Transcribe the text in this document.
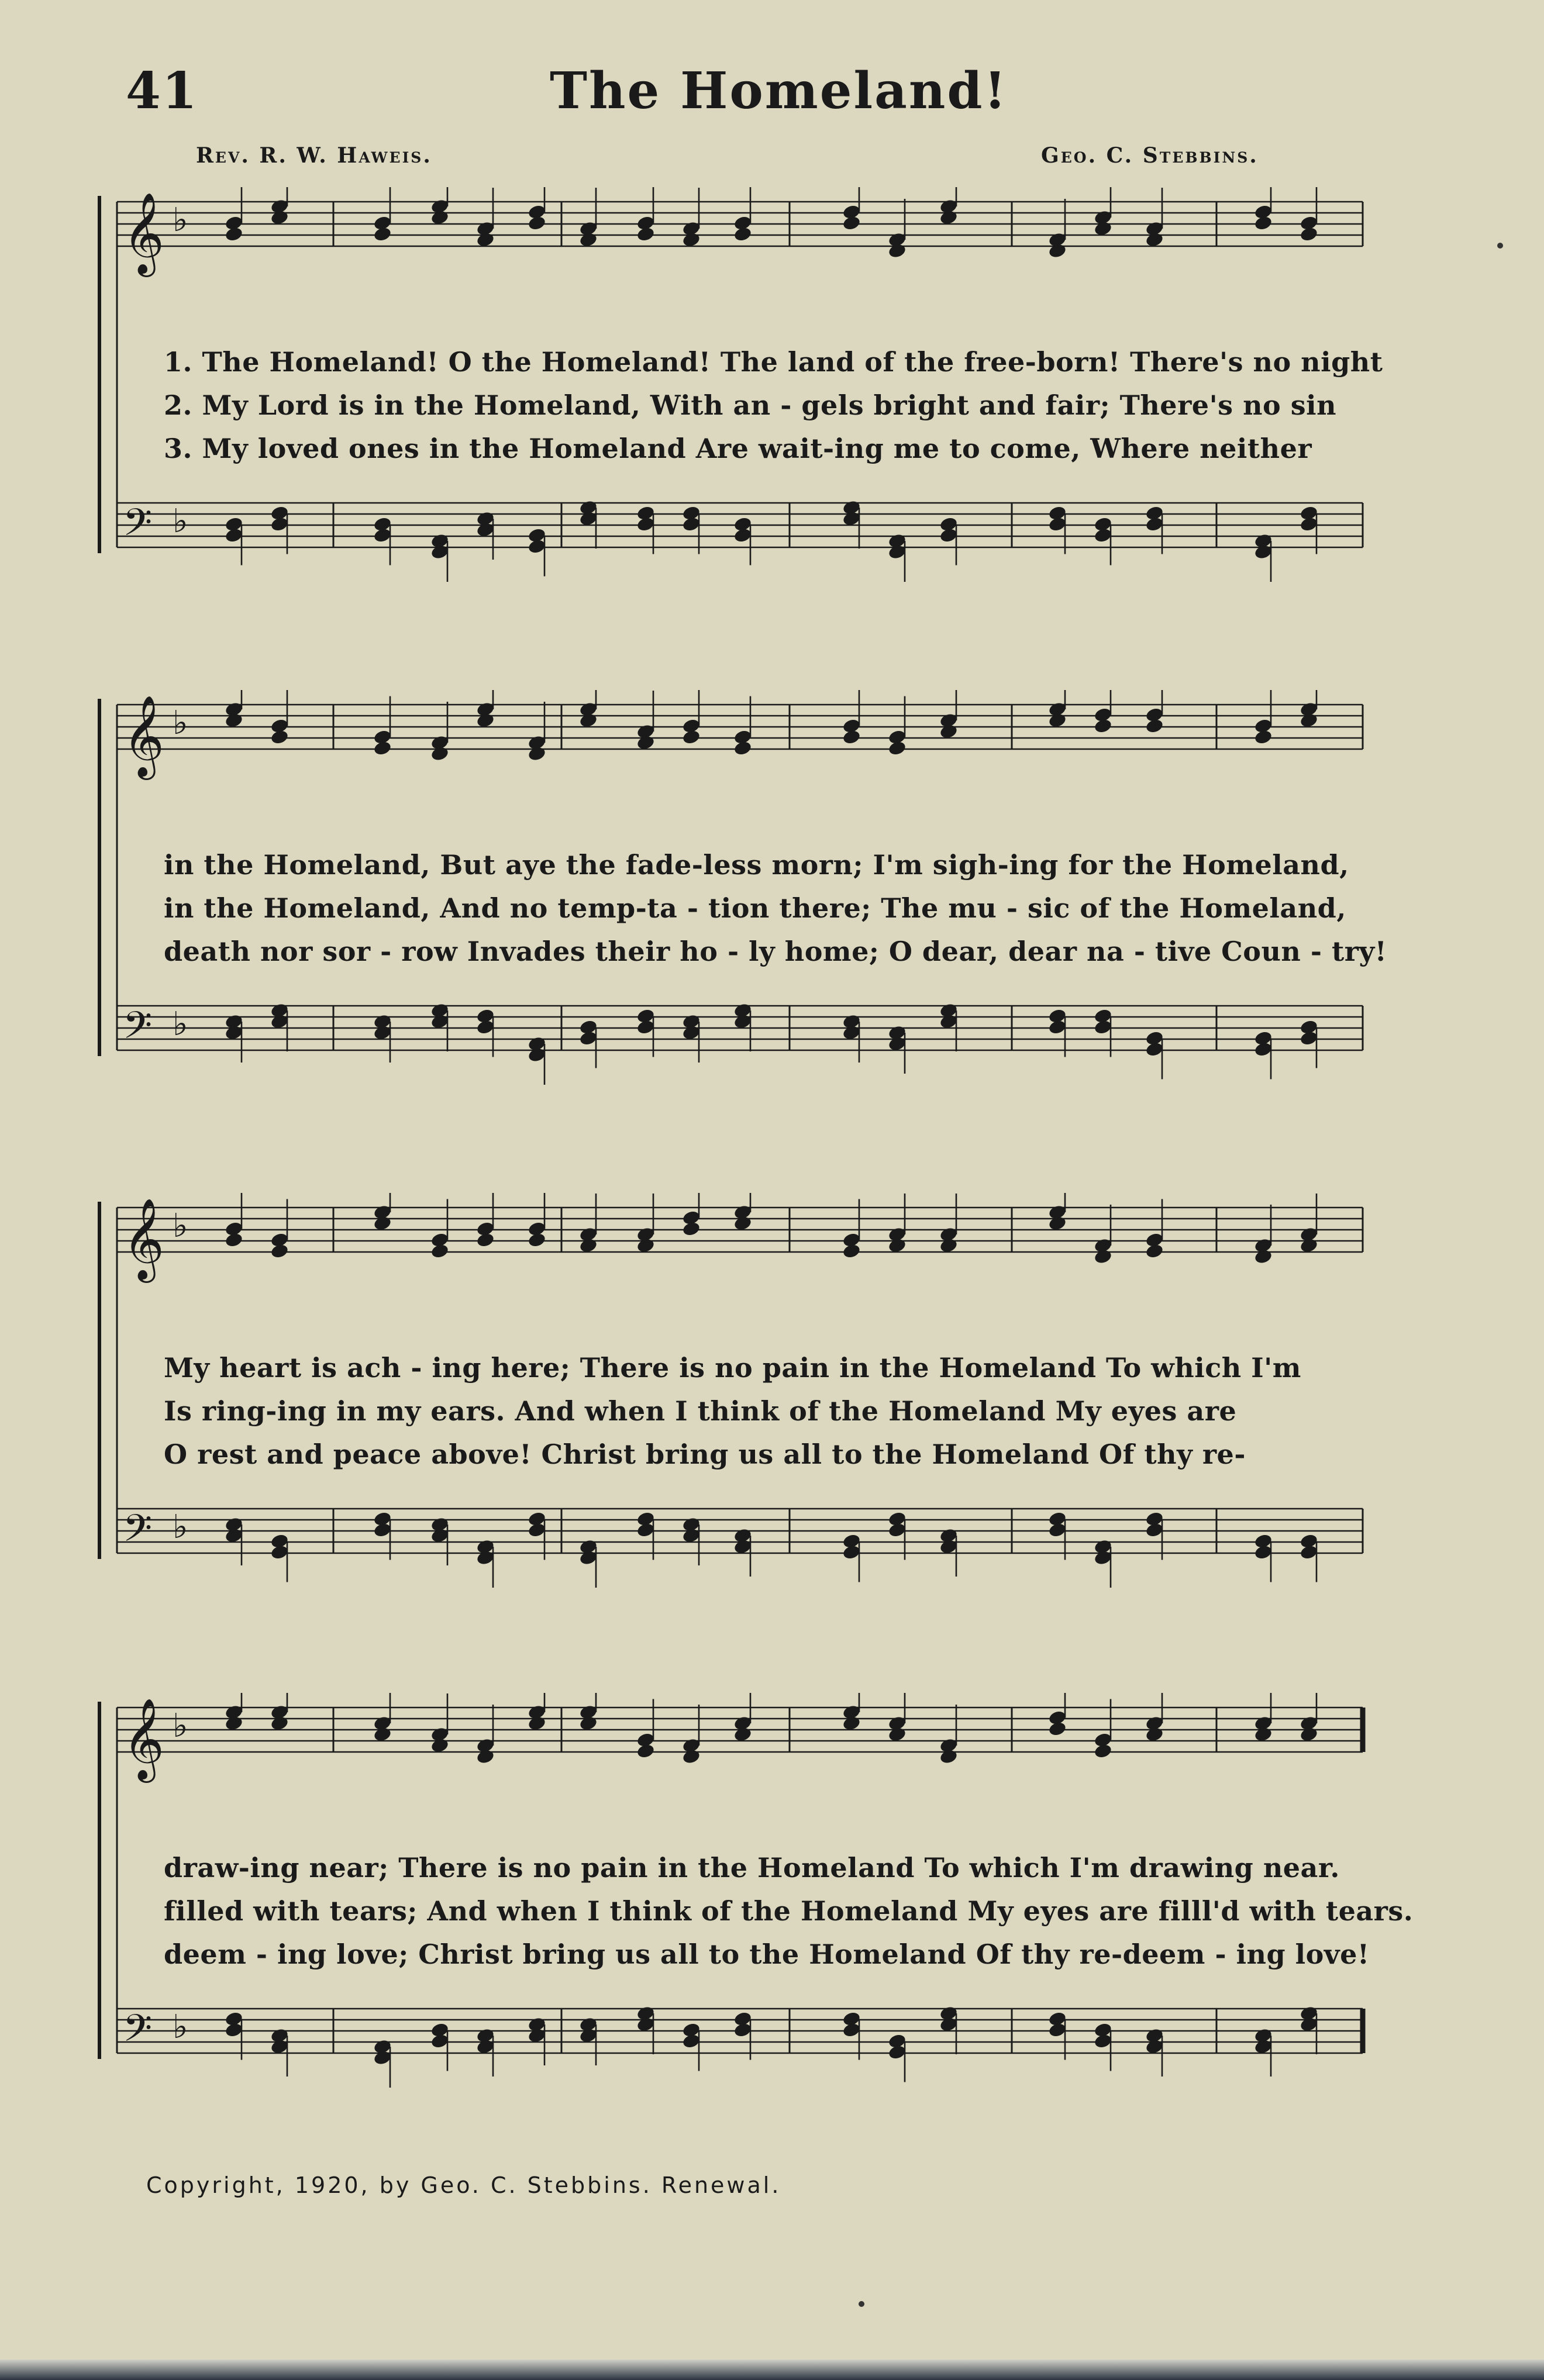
41	The Homeland!
Rev. R. W. Haweis.	Geo. C. Stebbins.
𝄞 ♭
𝄢 ♭
1. The Homeland! O the Homeland! The land of the free-born! There's no night
2. My Lord is in the Homeland, With an - gels bright and fair; There's no sin
3. My loved ones in the Homeland Are wait-ing me to come, Where neither
𝄞 ♭
𝄢 ♭
in the Homeland, But aye the fade-less morn; I'm sigh-ing for the Homeland,
in the Homeland, And no temp-ta - tion there; The mu - sic of the Homeland,
death nor sor - row Invades their ho - ly home; O dear, dear na - tive Coun - try!
𝄞 ♭
𝄢 ♭
My heart is ach - ing here; There is no pain in the Homeland To which I'm
Is ring-ing in my ears. And when I think of the Homeland My eyes are
O rest and peace above! Christ bring us all to the Homeland Of thy re-
𝄞 ♭
𝄢 ♭
draw-ing near; There is no pain in the Homeland To which I'm drawing near.
filled with tears; And when I think of the Homeland My eyes are filll'd with tears.
deem - ing love; Christ bring us all to the Homeland Of thy re-deem - ing love!
Copyright, 1920, by Geo. C. Stebbins. Renewal.
